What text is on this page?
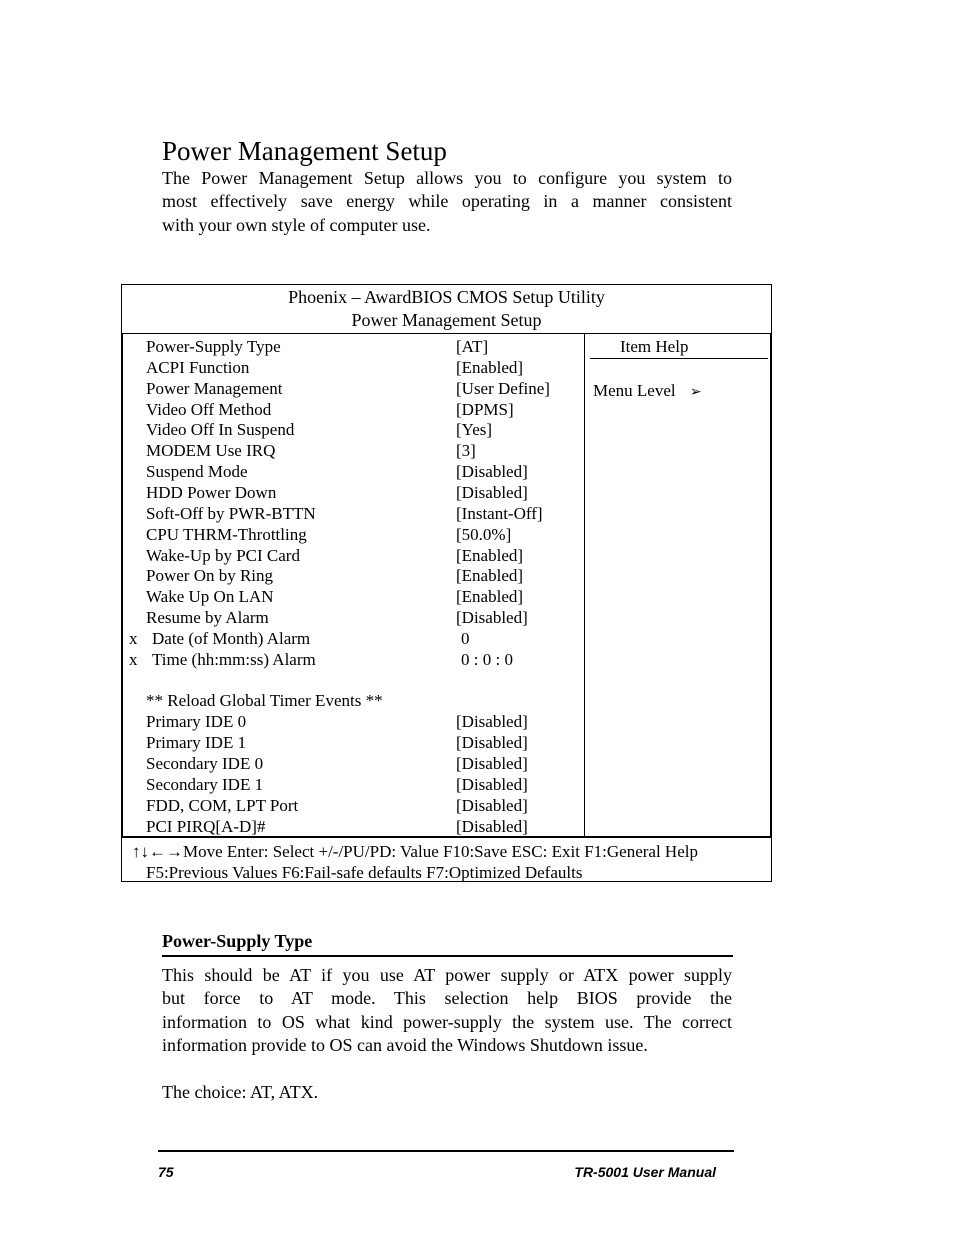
Power Management Setup
The Power Management Setup allows you to configure you system to
most effectively save energy while operating in a manner consistent
with your own style of computer use.
Phoenix – AwardBIOS CMOS Setup Utility
Power Management Setup
Power-Supply Type	[AT]
ACPI Function	[Enabled]
Power Management	[User Define]
Video Off Method	[DPMS]
Video Off In Suspend	[Yes]
MODEM Use IRQ	[3]
Suspend Mode	[Disabled]
HDD Power Down	[Disabled]
Soft-Off by PWR-BTTN	[Instant-Off]
CPU THRM-Throttling	[50.0%]
Wake-Up by PCI Card	[Enabled]
Power On by Ring	[Enabled]
Wake Up On LAN	[Enabled]
Resume by Alarm	[Disabled]
x Date (of Month) Alarm	0
x Time (hh:mm:ss) Alarm	0 : 0 : 0
** Reload Global Timer Events **
Primary IDE 0	[Disabled]
Primary IDE 1	[Disabled]
Secondary IDE 0	[Disabled]
Secondary IDE 1	[Disabled]
FDD, COM, LPT Port	[Disabled]
PCI PIRQ[A-D]#	[Disabled]
Item Help
Menu Level ➢
↑↓←→Move Enter: Select +/-/PU/PD: Value F10:Save ESC: Exit F1:General Help
F5:Previous Values F6:Fail-safe defaults F7:Optimized Defaults
Power-Supply Type
This should be AT if you use AT power supply or ATX power supply
but force to AT mode. This selection help BIOS provide the
information to OS what kind power-supply the system use. The correct
information provide to OS can avoid the Windows Shutdown issue.
The choice: AT, ATX.
75	TR-5001 User Manual
